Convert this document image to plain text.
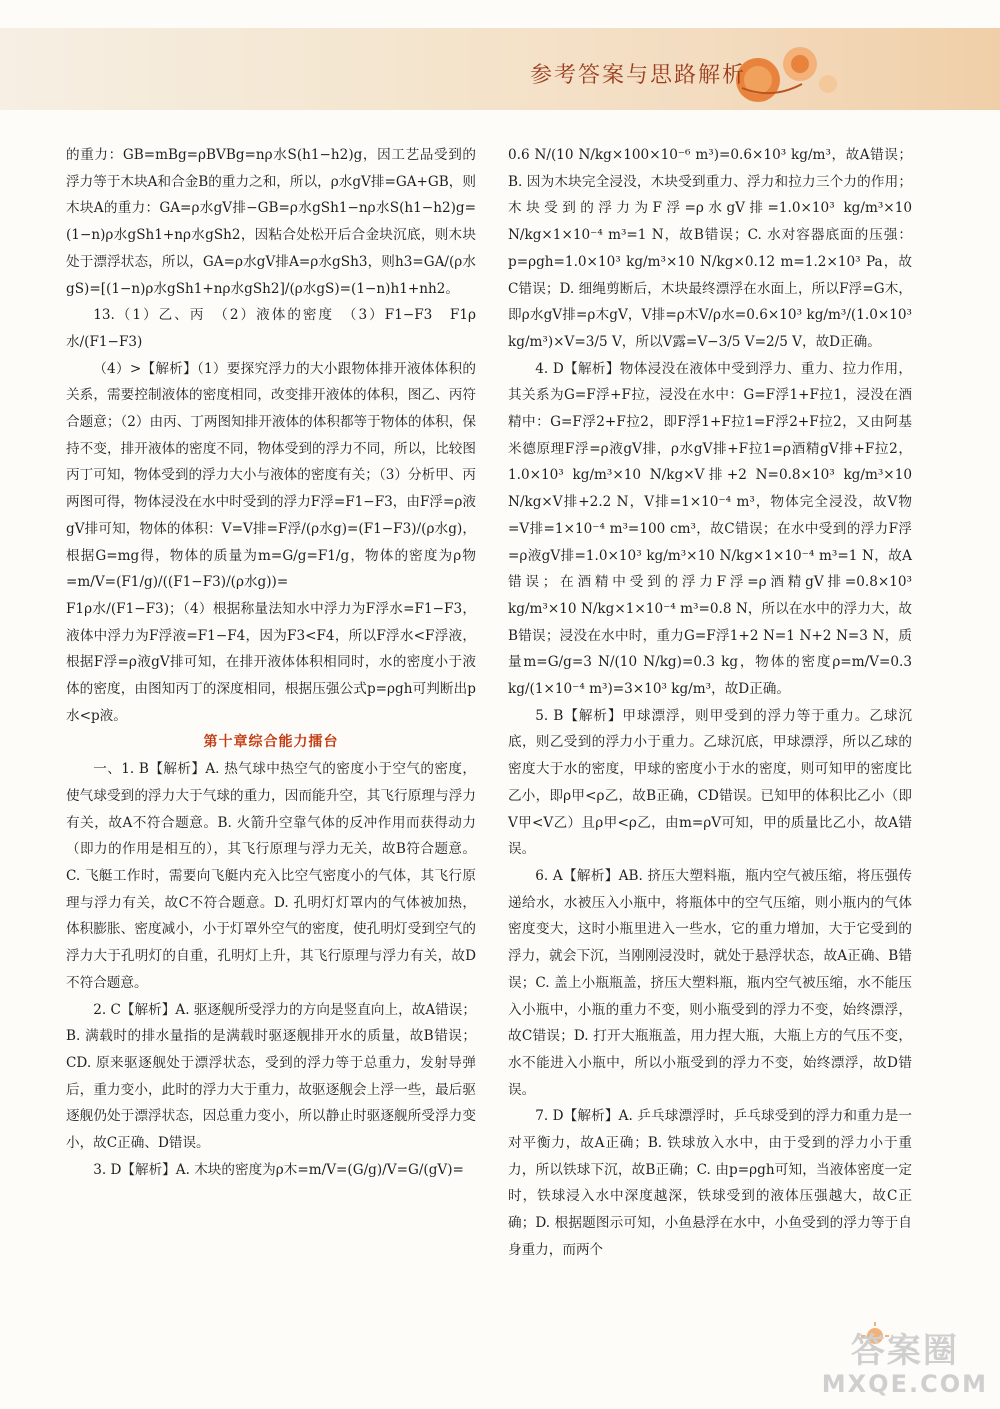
参考答案与思路解析

的重力：GB=mBg=ρBVBg=nρ水S(h1−h2)g，因工艺品受到的浮力等于木块A和合金B的重力之和，所以，ρ水gV排=GA+GB，则木块A的重力：GA=ρ水gV排−GB=ρ水gSh1−nρ水S(h1−h2)g=(1−n)ρ水gSh1+nρ水gSh2，因粘合处松开后合金块沉底，则木块处于漂浮状态，所以，GA=ρ水gV排A=ρ水gSh3，则h3=GA/(ρ水gS)=[(1−n)ρ水gSh1+nρ水gSh2]/(ρ水gS)=(1−n)h1+nh2。

13.（1）乙、丙　（2）液体的密度　（3）F1−F3　F1ρ水/(F1−F3)

（4）>【解析】（1）要探究浮力的大小跟物体排开液体体积的关系，需要控制液体的密度相同，改变排开液体的体积，图乙、丙符合题意；（2）由丙、丁两图知排开液体的体积都等于物体的体积，保持不变，排开液体的密度不同，物体受到的浮力不同，所以，比较图丙丁可知，物体受到的浮力大小与液体的密度有关；（3）分析甲、丙两图可得，物体浸没在水中时受到的浮力F浮=F1−F3，由F浮=ρ液gV排可知，物体的体积：V=V排=F浮/(ρ水g)=(F1−F3)/(ρ水g)，根据G=mg得，物体的质量为m=G/g=F1/g，物体的密度为ρ物=m/V=(F1/g)/((F1−F3)/(ρ水g))=

F1ρ水/(F1−F3)；（4）根据称量法知水中浮力为F浮水=F1−F3，液体中浮力为F浮液=F1−F4，因为F3<F4，所以F浮水<F浮液，根据F浮=ρ液gV排可知，在排开液体体积相同时，水的密度小于液体的密度，由图知丙丁的深度相同，根据压强公式p=ρgh可判断出p水<p液。

第十章综合能力擂台

一、1. B【解析】A. 热气球中热空气的密度小于空气的密度，使气球受到的浮力大于气球的重力，因而能升空，其飞行原理与浮力有关，故A不符合题意。B. 火箭升空靠气体的反冲作用而获得动力（即力的作用是相互的），其飞行原理与浮力无关，故B符合题意。C. 飞艇工作时，需要向飞艇内充入比空气密度小的气体，其飞行原理与浮力有关，故C不符合题意。D. 孔明灯灯罩内的气体被加热，体积膨胀、密度减小，小于灯罩外空气的密度，使孔明灯受到空气的浮力大于孔明灯的自重，孔明灯上升，其飞行原理与浮力有关，故D不符合题意。

2. C【解析】A. 驱逐舰所受浮力的方向是竖直向上，故A错误；B. 满载时的排水量指的是满载时驱逐舰排开水的质量，故B错误；CD. 原来驱逐舰处于漂浮状态，受到的浮力等于总重力，发射导弹后，重力变小，此时的浮力大于重力，故驱逐舰会上浮一些，最后驱逐舰仍处于漂浮状态，因总重力变小，所以静止时驱逐舰所受浮力变小，故C正确、D错误。

3. D【解析】A. 木块的密度为ρ木=m/V=(G/g)/V=G/(gV)=

0.6 N/(10 N/kg×100×10⁻⁶ m³)=0.6×10³ kg/m³，故A错误；B. 因为木块完全浸没，木块受到重力、浮力和拉力三个力的作用；木块受到的浮力为F浮=ρ水gV排=1.0×10³ kg/m³×10 N/kg×1×10⁻⁴ m³=1 N，故B错误；C. 水对容器底面的压强：p=ρgh=1.0×10³ kg/m³×10 N/kg×0.12 m=1.2×10³ Pa，故C错误；D. 细绳剪断后，木块最终漂浮在水面上，所以F浮=G木，即ρ水gV排=ρ木gV，V排=ρ木V/ρ水=0.6×10³ kg/m³/(1.0×10³ kg/m³)×V=3/5 V，所以V露=V−3/5 V=2/5 V，故D正确。

4. D【解析】物体浸没在液体中受到浮力、重力、拉力作用，其关系为G=F浮+F拉，浸没在水中：G=F浮1+F拉1，浸没在酒精中：G=F浮2+F拉2，即F浮1+F拉1=F浮2+F拉2，又由阿基米德原理F浮=ρ液gV排，ρ水gV排+F拉1=ρ酒精gV排+F拉2，1.0×10³ kg/m³×10 N/kg×V排+2 N=0.8×10³ kg/m³×10 N/kg×V排+2.2 N，V排=1×10⁻⁴ m³，物体完全浸没，故V物=V排=1×10⁻⁴ m³=100 cm³，故C错误；在水中受到的浮力F浮=ρ液gV排=1.0×10³ kg/m³×10 N/kg×1×10⁻⁴ m³=1 N，故A错误；在酒精中受到的浮力F浮=ρ酒精gV排=0.8×10³ kg/m³×10 N/kg×1×10⁻⁴ m³=0.8 N，所以在水中的浮力大，故B错误；浸没在水中时，重力G=F浮1+2 N=1 N+2 N=3 N，质量m=G/g=3 N/(10 N/kg)=0.3 kg，物体的密度ρ=m/V=0.3 kg/(1×10⁻⁴ m³)=3×10³ kg/m³，故D正确。

5. B【解析】甲球漂浮，则甲受到的浮力等于重力。乙球沉底，则乙受到的浮力小于重力。乙球沉底，甲球漂浮，所以乙球的密度大于水的密度，甲球的密度小于水的密度，则可知甲的密度比乙小，即ρ甲<ρ乙，故B正确，CD错误。已知甲的体积比乙小（即V甲<V乙）且ρ甲<ρ乙，由m=ρV可知，甲的质量比乙小，故A错误。

6. A【解析】AB. 挤压大塑料瓶，瓶内空气被压缩，将压强传递给水，水被压入小瓶中，将瓶体中的空气压缩，则小瓶内的气体密度变大，这时小瓶里进入一些水，它的重力增加，大于它受到的浮力，就会下沉，当刚刚浸没时，就处于悬浮状态，故A正确、B错误；C. 盖上小瓶瓶盖，挤压大塑料瓶，瓶内空气被压缩，水不能压入小瓶中，小瓶的重力不变，则小瓶受到的浮力不变，始终漂浮，故C错误；D. 打开大瓶瓶盖，用力捏大瓶，大瓶上方的气压不变，水不能进入小瓶中，所以小瓶受到的浮力不变，始终漂浮，故D错误。

7. D【解析】A. 乒乓球漂浮时，乒乓球受到的浮力和重力是一对平衡力，故A正确；B. 铁球放入水中，由于受到的浮力小于重力，所以铁球下沉，故B正确；C. 由p=ρgh可知，当液体密度一定时，铁球浸入水中深度越深，铁球受到的液体压强越大，故C正确；D. 根据题图示可知，小鱼悬浮在水中，小鱼受到的浮力等于自身重力，而两个

答案圈
MXQE.COM
